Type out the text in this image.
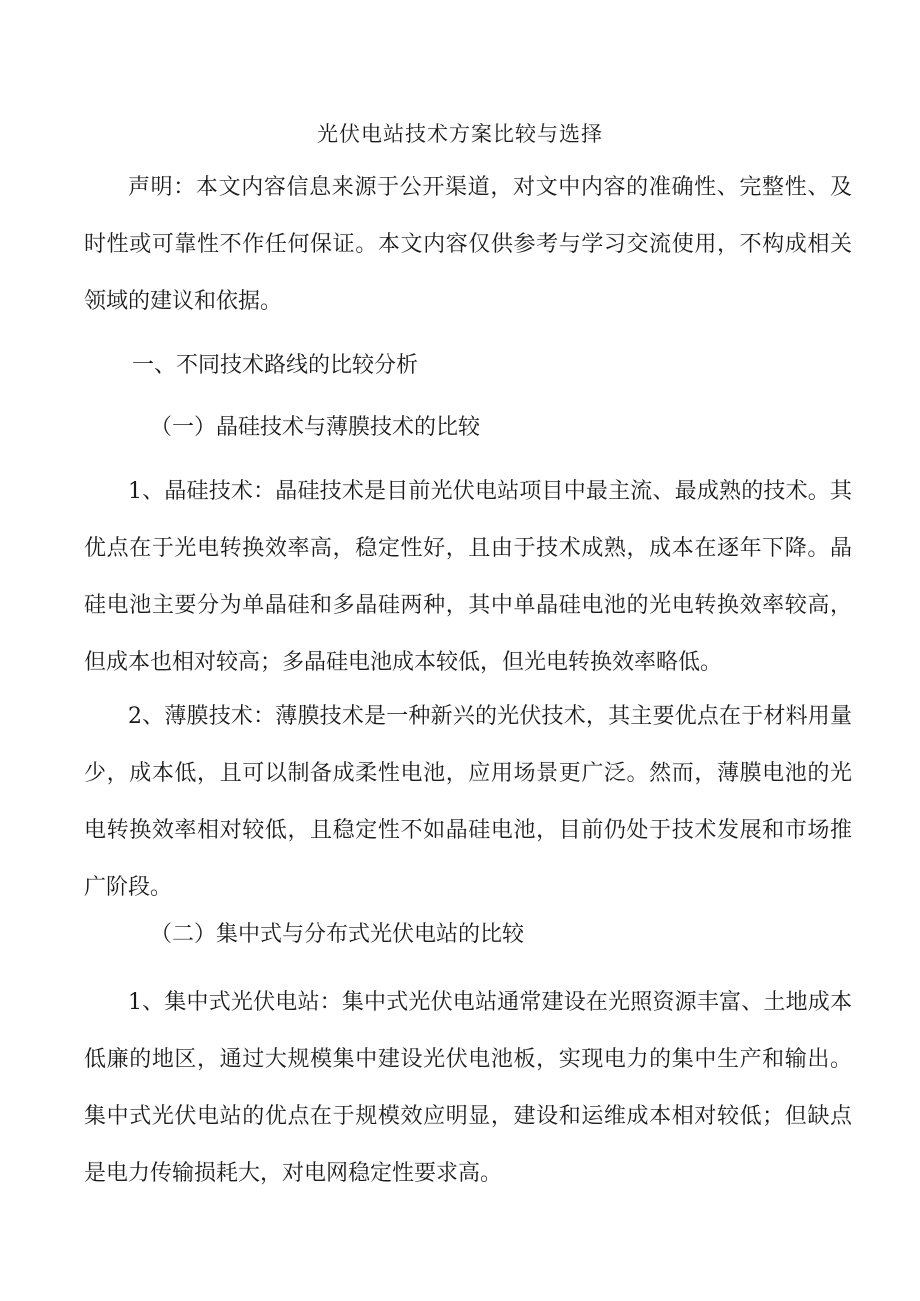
光伏电站技术方案比较与选择
声明：本文内容信息来源于公开渠道，对文中内容的准确性、完整性、及时性或可靠性不作任何保证。本文内容仅供参考与学习交流使用，不构成相关领域的建议和依据。
一、不同技术路线的比较分析
（一）晶硅技术与薄膜技术的比较
1、晶硅技术：晶硅技术是目前光伏电站项目中最主流、最成熟的技术。其优点在于光电转换效率高，稳定性好，且由于技术成熟，成本在逐年下降。晶硅电池主要分为单晶硅和多晶硅两种，其中单晶硅电池的光电转换效率较高，但成本也相对较高；多晶硅电池成本较低，但光电转换效率略低。
2、薄膜技术：薄膜技术是一种新兴的光伏技术，其主要优点在于材料用量少，成本低，且可以制备成柔性电池，应用场景更广泛。然而，薄膜电池的光电转换效率相对较低，且稳定性不如晶硅电池，目前仍处于技术发展和市场推广阶段。
（二）集中式与分布式光伏电站的比较
1、集中式光伏电站：集中式光伏电站通常建设在光照资源丰富、土地成本低廉的地区，通过大规模集中建设光伏电池板，实现电力的集中生产和输出。集中式光伏电站的优点在于规模效应明显，建设和运维成本相对较低；但缺点是电力传输损耗大，对电网稳定性要求高。
